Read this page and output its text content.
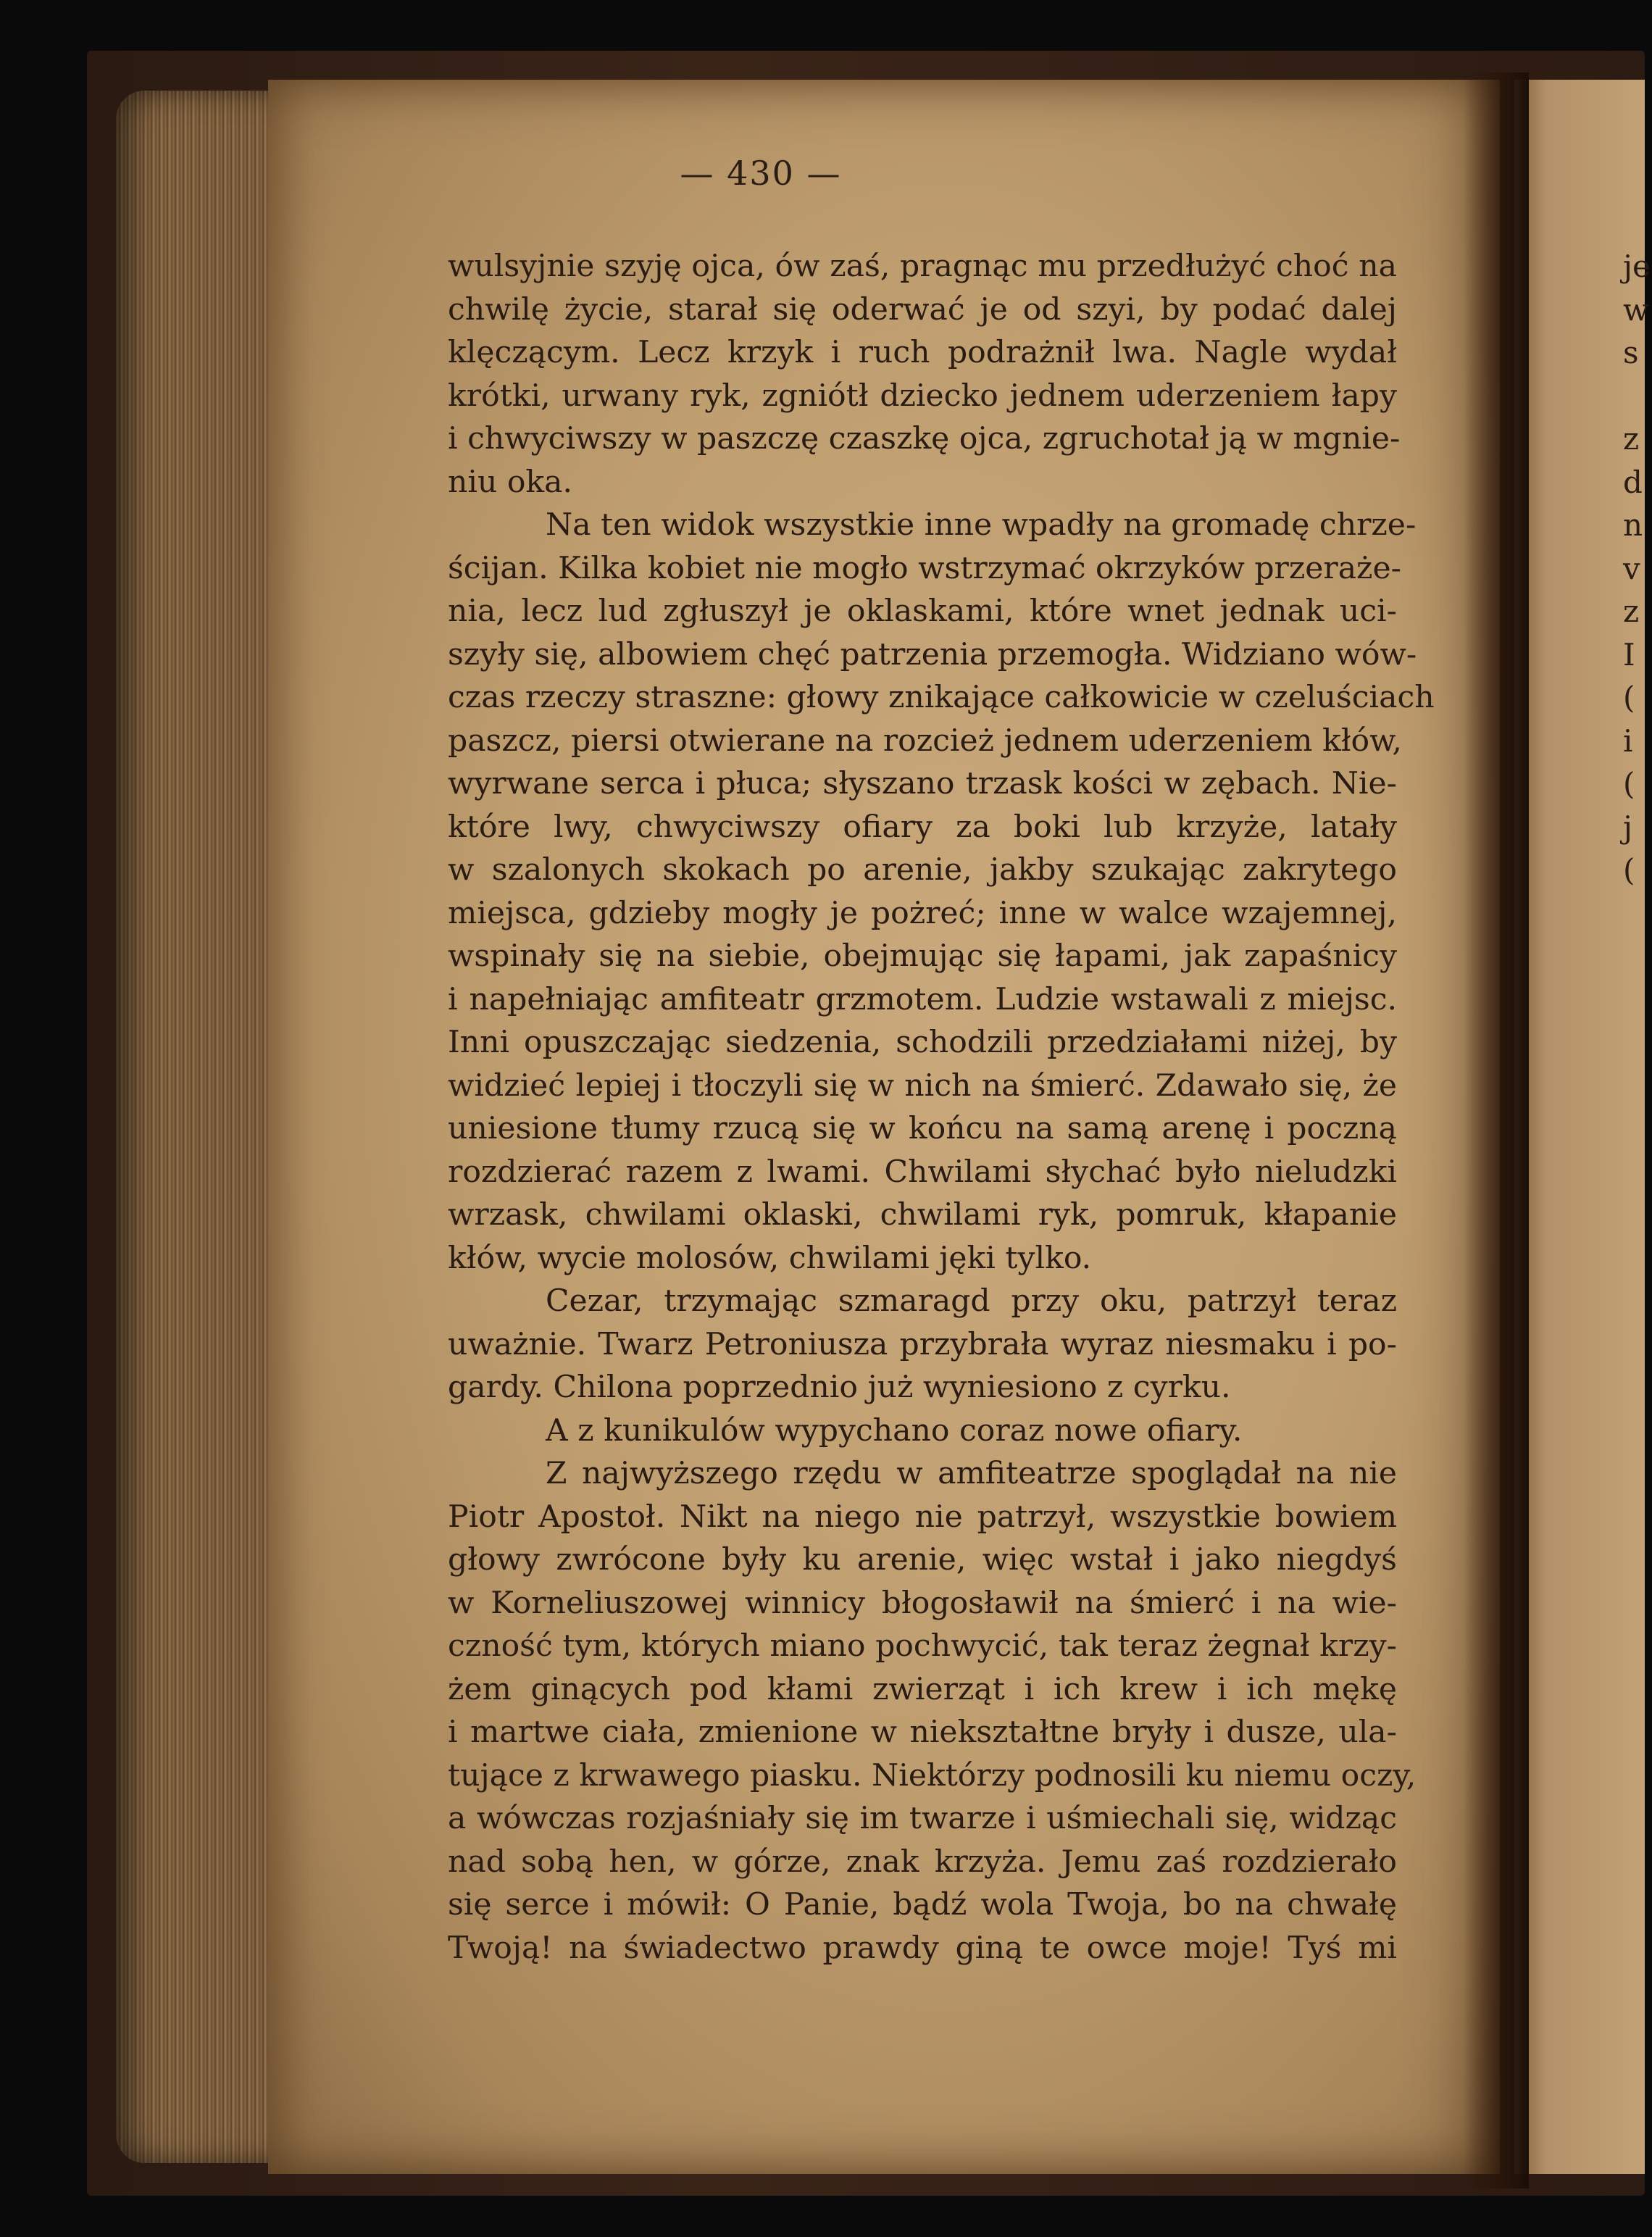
— 430 —
wulsyjnie szyję ojca, ów zaś, pragnąc mu przedłużyć choć na
chwilę życie, starał się oderwać je od szyi, by podać dalej
klęczącym. Lecz krzyk i ruch podrażnił lwa. Nagle wydał
krótki, urwany ryk, zgniótł dziecko jednem uderzeniem łapy
i chwyciwszy w paszczę czaszkę ojca, zgruchotał ją w mgnie-
niu oka.
Na ten widok wszystkie inne wpadły na gromadę chrze-
ścijan. Kilka kobiet nie mogło wstrzymać okrzyków przeraże-
nia, lecz lud zgłuszył je oklaskami, które wnet jednak uci-
szyły się, albowiem chęć patrzenia przemogła. Widziano wów-
czas rzeczy straszne: głowy znikające całkowicie w czeluściach
paszcz, piersi otwierane na rozcież jednem uderzeniem kłów,
wyrwane serca i płuca; słyszano trzask kości w zębach. Nie-
które lwy, chwyciwszy ofiary za boki lub krzyże, latały
w szalonych skokach po arenie, jakby szukając zakrytego
miejsca, gdzieby mogły je pożreć; inne w walce wzajemnej,
wspinały się na siebie, obejmując się łapami, jak zapaśnicy
i napełniając amfiteatr grzmotem. Ludzie wstawali z miejsc.
Inni opuszczając siedzenia, schodzili przedziałami niżej, by
widzieć lepiej i tłoczyli się w nich na śmierć. Zdawało się, że
uniesione tłumy rzucą się w końcu na samą arenę i poczną
rozdzierać razem z lwami. Chwilami słychać było nieludzki
wrzask, chwilami oklaski, chwilami ryk, pomruk, kłapanie
kłów, wycie molosów, chwilami jęki tylko.
Cezar, trzymając szmaragd przy oku, patrzył teraz
uważnie. Twarz Petroniusza przybrała wyraz niesmaku i po-
gardy. Chilona poprzednio już wyniesiono z cyrku.
A z kunikulów wypychano coraz nowe ofiary.
Z najwyższego rzędu w amfiteatrze spoglądał na nie
Piotr Apostoł. Nikt na niego nie patrzył, wszystkie bowiem
głowy zwrócone były ku arenie, więc wstał i jako niegdyś
w Korneliuszowej winnicy błogosławił na śmierć i na wie-
czność tym, których miano pochwycić, tak teraz żegnał krzy-
żem ginących pod kłami zwierząt i ich krew i ich mękę
i martwe ciała, zmienione w niekształtne bryły i dusze, ula-
tujące z krwawego piasku. Niektórzy podnosili ku niemu oczy,
a wówczas rozjaśniały się im twarze i uśmiechali się, widząc
nad sobą hen, w górze, znak krzyża. Jemu zaś rozdzierało
się serce i mówił: O Panie, bądź wola Twoja, bo na chwałę
Twoją! na świadectwo prawdy giną te owce moje! Tyś mi
je
w
s
z
d
n
v
z
I
(
i
(
j
(
